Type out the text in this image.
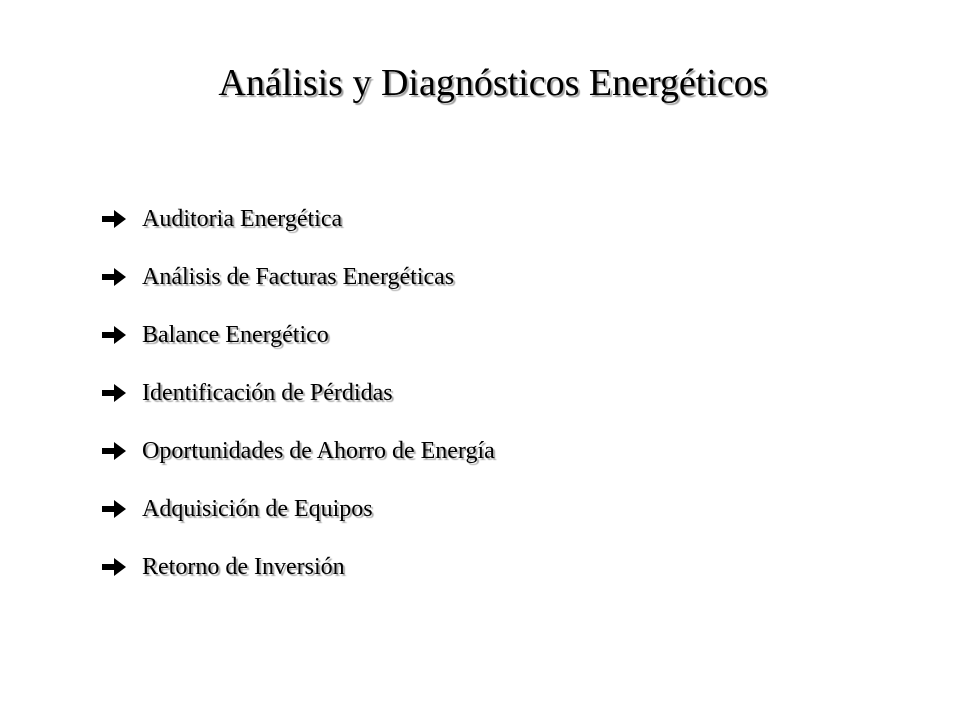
Análisis y Diagnósticos Energéticos
Auditoria Energética
Análisis de Facturas Energéticas
Balance Energético
Identificación de Pérdidas
Oportunidades de Ahorro de Energía
Adquisición de Equipos
Retorno de Inversión
